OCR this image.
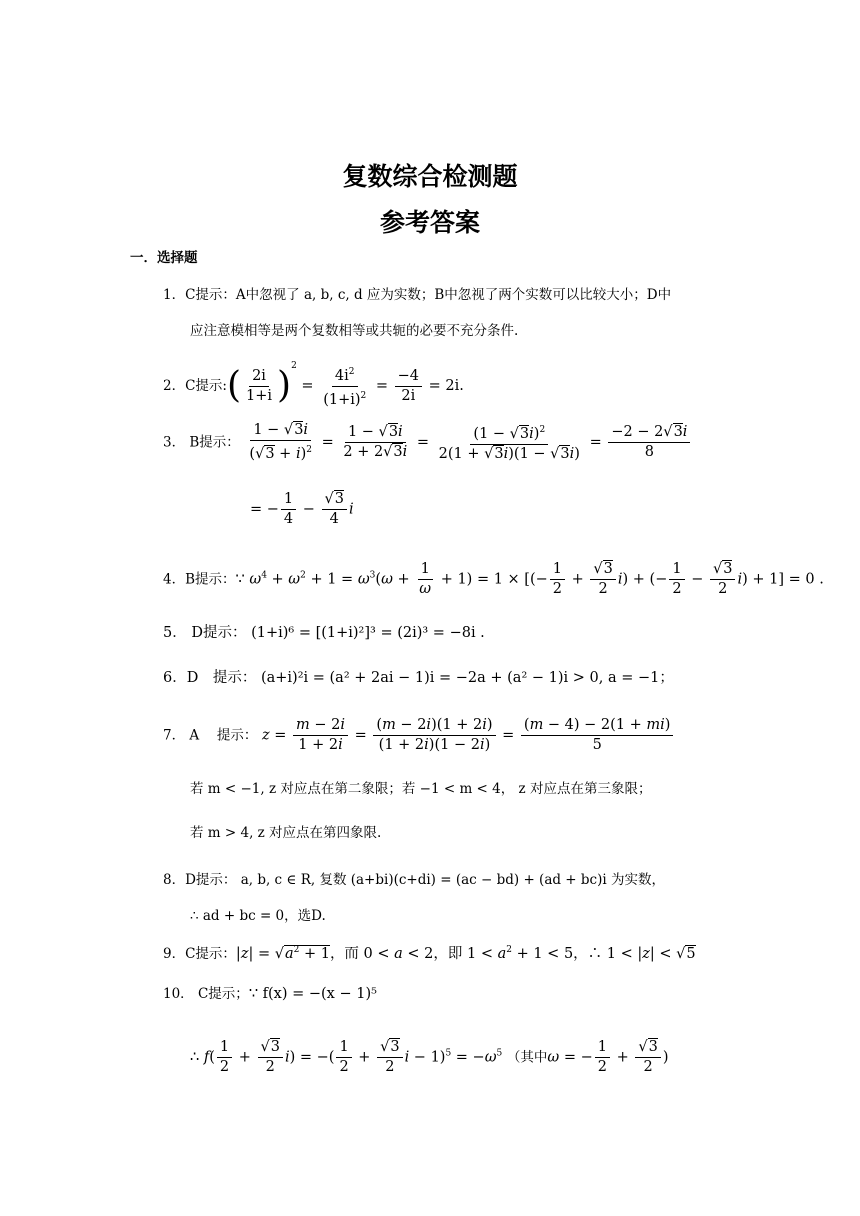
复数综合检测题
参考答案
一．选择题
1．C提示：A中忽视了 a, b, c, d 应为实数；B中忽视了两个实数可以比较大小；D中
应注意模相等是两个复数相等或共轭的必要不充分条件.
2．C提示:( $\frac{2i}{1+i} )^2 = \frac{4i^2}{(1+i)^2} = \frac{-4}{2i} = 2i$.
3． B提示： $\frac{1 - √3i}{(√3 + i)^2} = \frac{1 - √3i}{2 + 2√3i} = \frac{(1 - √3i)^2}{2(1 + √3i)(1 - √3i)} = \frac{-2 - 2√3i}{8}$
= − $\frac{1}{4} - \frac{√3}{4}$ i
4．B提示：∵ $\omega^4 + \omega^2 + 1 = \omega^3(\omega + \frac{1}{\omega} + 1) = 1$ × [(− $\frac{1}{2} + \frac{√3}{2} i$) + (− $\frac{1}{2} - \frac{√3}{2} i) + 1] = 0$ .
5． D提示： (1+i)⁶ = [(1+i)²]³ = (2i)³ = −8i .
6．D　提示： (a+i)²i = (a² + 2ai − 1)i = −2a + (a² − 1)i > 0, a = −1；
7． A　 提示： $z = \frac{m - 2i}{1 + 2i} = \frac{(m - 2i)(1 + 2i)}{(1 + 2i)(1 - 2i)} = \frac{(m - 4) - 2(1 + mi)}{5}$
若 m < −1, z 对应点在第二象限；若 −1 < m < 4， z 对应点在第三象限；
若 m > 4, z 对应点在第四象限.
8．D提示： a, b, c ∈ R, 复数 (a+bi)(c+di) = (ac − bd) + (ad + bc)i 为实数，
∴ ad + bc = 0，选D.
9．C提示：$|z| = √a^2 + 1$，而 0 < a < 2，即 $1 < a^2 + 1 < 5$，∴ 1 < |z| < √5
10． C提示；∵ f(x) = −(x − 1)⁵
∴ $f( \frac{1}{2} + \frac{√3}{2} i)$ = −( $\frac{1}{2} + \frac{√3}{2}$ $i - 1)^5 = -\omega^5$ （其中ω = − $\frac{1}{2} + \frac{√3}{2}$ )
